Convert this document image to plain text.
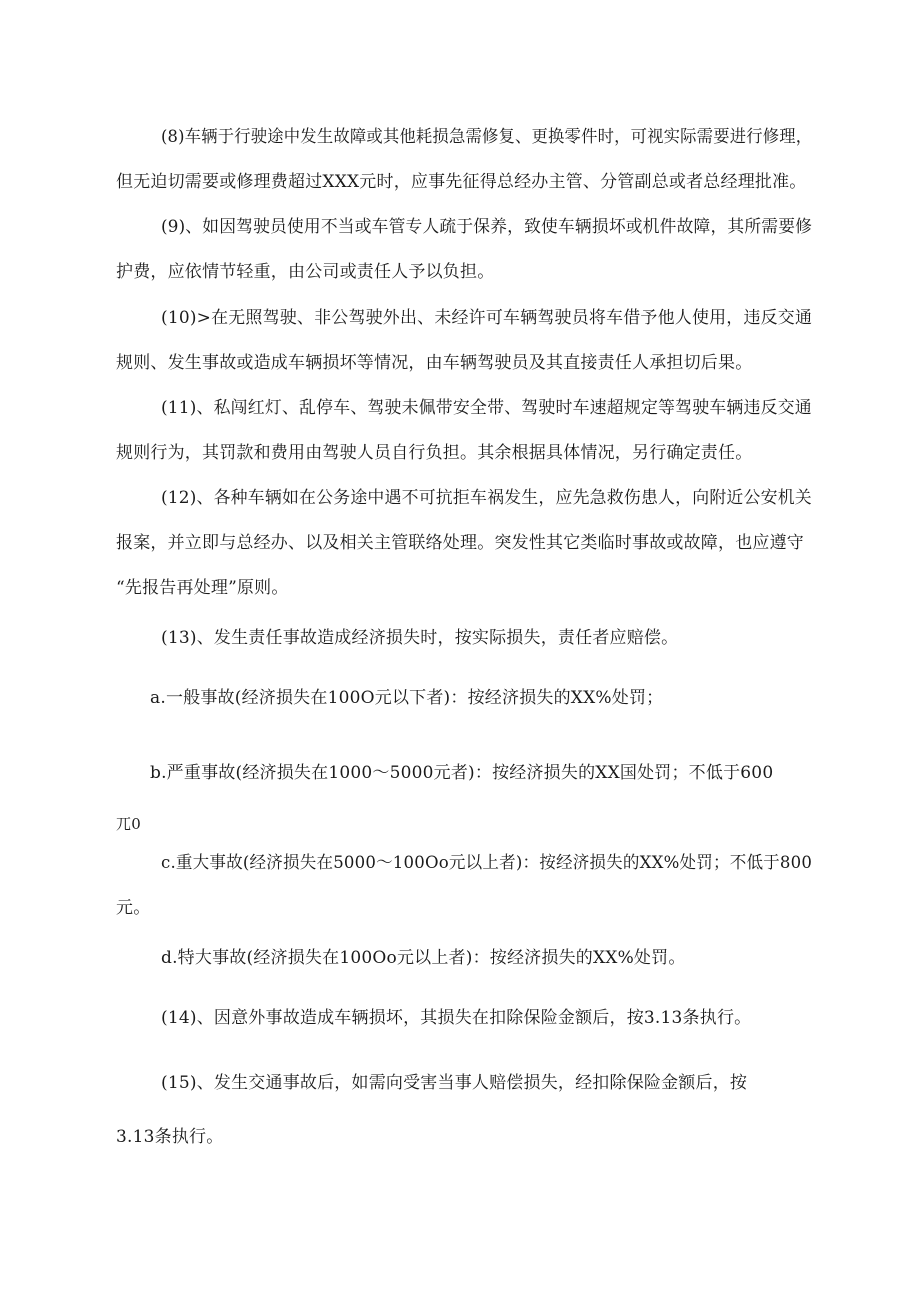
(8)车辆于行驶途中发生故障或其他耗损急需修复、更换零件时，可视实际需要进行修理，
但无迫切需要或修理费超过XXX元时，应事先征得总经办主管、分管副总或者总经理批准。
(9)、如因驾驶员使用不当或车管专人疏于保养，致使车辆损坏或机件故障，其所需要修
护费，应依情节轻重，由公司或责任人予以负担。
(10)>在无照驾驶、非公驾驶外出、未经许可车辆驾驶员将车借予他人使用，违反交通
规则、发生事故或造成车辆损坏等情况，由车辆驾驶员及其直接责任人承担切后果。
(11)、私闯红灯、乱停车、驾驶未佩带安全带、驾驶时车速超规定等驾驶车辆违反交通
规则行为，其罚款和费用由驾驶人员自行负担。其余根据具体情况，另行确定责任。
(12)、各种车辆如在公务途中遇不可抗拒车祸发生，应先急救伤患人，向附近公安机关
报案，并立即与总经办、以及相关主管联络处理。突发性其它类临时事故或故障，也应遵守
“先报告再处理”原则。
(13)、发生责任事故造成经济损失时，按实际损失，责任者应赔偿。
a.一般事故(经济损失在100O元以下者)：按经济损失的XX%处罚；
b.严重事故(经济损失在1000～5000元者)：按经济损失的XX国处罚；不低于600
兀0
c.重大事故(经济损失在5000～100Oo元以上者)：按经济损失的XX%处罚；不低于800
元。
d.特大事故(经济损失在100Oo元以上者)：按经济损失的XX%处罚。
(14)、因意外事故造成车辆损坏，其损失在扣除保险金额后，按3.13条执行。
(15)、发生交通事故后，如需向受害当事人赔偿损失，经扣除保险金额后，按
3.13条执行。
